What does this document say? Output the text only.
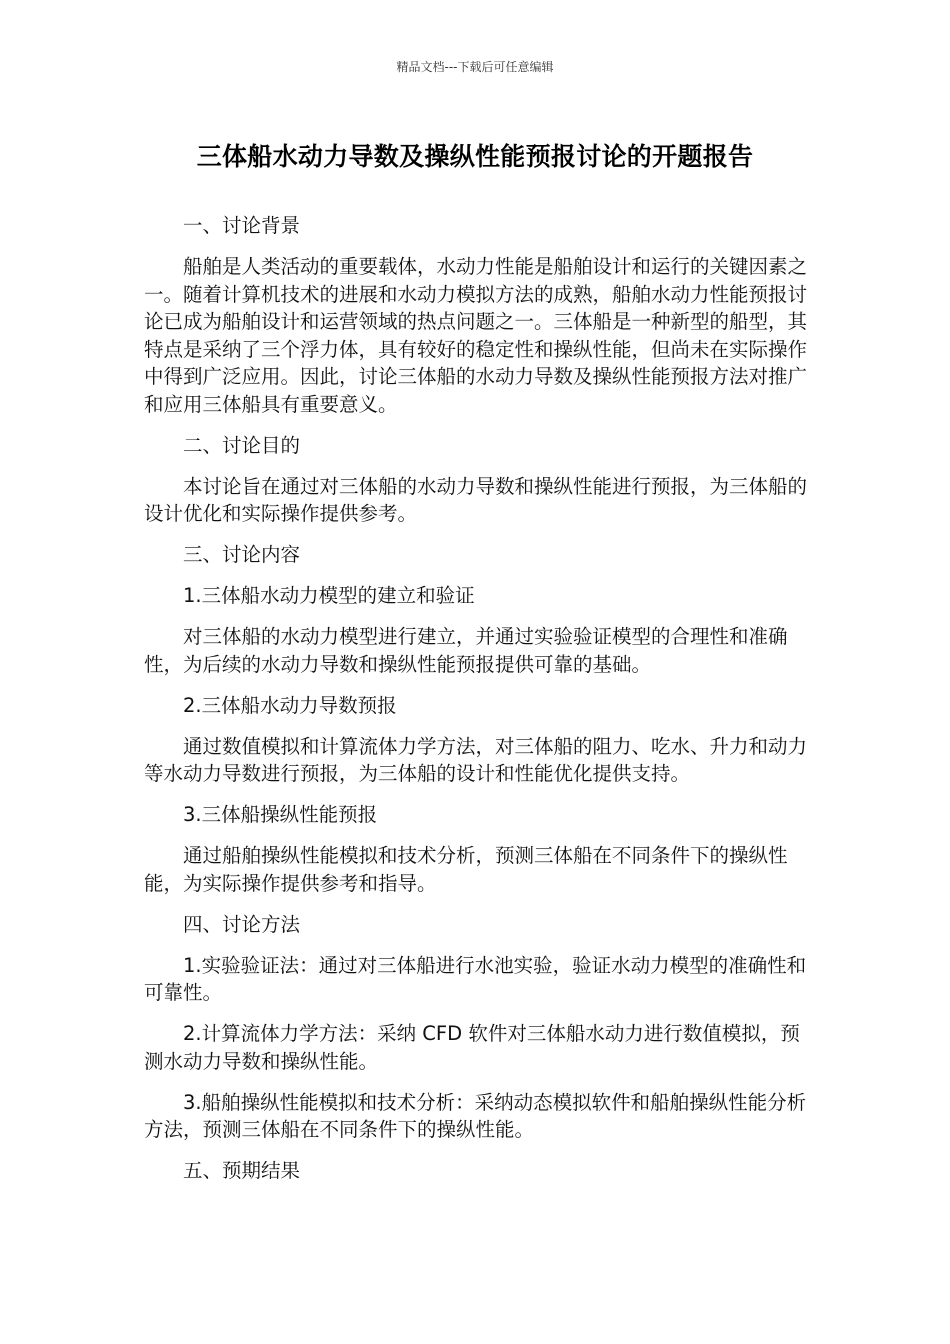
精品文档---下载后可任意编辑
三体船水动力导数及操纵性能预报讨论的开题报告
一、讨论背景
船舶是人类活动的重要载体，水动力性能是船舶设计和运行的关键因素之一。随着计算机技术的进展和水动力模拟方法的成熟，船舶水动力性能预报讨论已成为船舶设计和运营领域的热点问题之一。三体船是一种新型的船型，其特点是采纳了三个浮力体，具有较好的稳定性和操纵性能，但尚未在实际操作中得到广泛应用。因此，讨论三体船的水动力导数及操纵性能预报方法对推广和应用三体船具有重要意义。
二、讨论目的
本讨论旨在通过对三体船的水动力导数和操纵性能进行预报，为三体船的设计优化和实际操作提供参考。
三、讨论内容
1.三体船水动力模型的建立和验证
对三体船的水动力模型进行建立，并通过实验验证模型的合理性和准确性，为后续的水动力导数和操纵性能预报提供可靠的基础。
2.三体船水动力导数预报
通过数值模拟和计算流体力学方法，对三体船的阻力、吃水、升力和动力等水动力导数进行预报，为三体船的设计和性能优化提供支持。
3.三体船操纵性能预报
通过船舶操纵性能模拟和技术分析，预测三体船在不同条件下的操纵性能，为实际操作提供参考和指导。
四、讨论方法
1.实验验证法：通过对三体船进行水池实验，验证水动力模型的准确性和可靠性。
2.计算流体力学方法：采纳 CFD 软件对三体船水动力进行数值模拟，预测水动力导数和操纵性能。
3.船舶操纵性能模拟和技术分析：采纳动态模拟软件和船舶操纵性能分析方法，预测三体船在不同条件下的操纵性能。
五、预期结果
